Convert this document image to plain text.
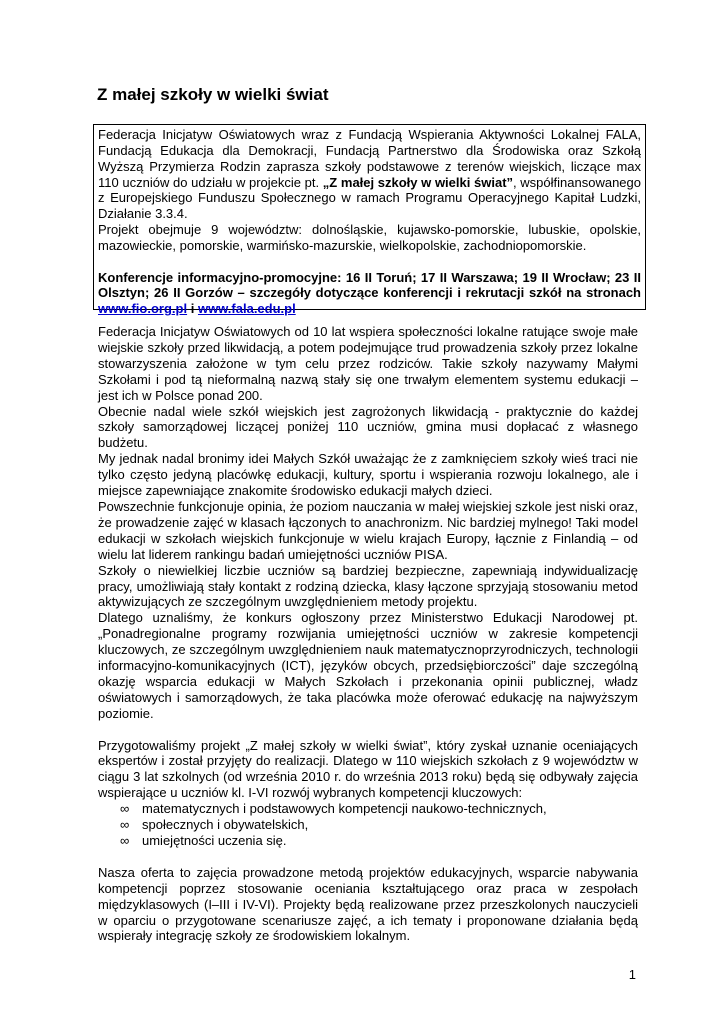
Z małej szkoły w wielki świat

Federacja Inicjatyw Oświatowych wraz z Fundacją Wspierania Aktywności Lokalnej FALA, Fundacją Edukacja dla Demokracji, Fundacją Partnerstwo dla Środowiska oraz Szkołą Wyższą Przymierza Rodzin zaprasza szkoły podstawowe z terenów wiejskich, liczące max 110 uczniów do udziału w projekcie pt. „Z małej szkoły w wielki świat”, współfinansowanego z Europejskiego Funduszu Społecznego w ramach Programu Operacyjnego Kapitał Ludzki, Działanie 3.3.4.

Projekt obejmuje 9 województw: dolnośląskie, kujawsko-pomorskie, lubuskie, opolskie, mazowieckie, pomorskie, warmińsko-mazurskie, wielkopolskie, zachodniopomorskie.

Konferencje informacyjno-promocyjne: 16 II Toruń; 17 II Warszawa; 19 II Wrocław; 23 II Olsztyn; 26 II Gorzów – szczegóły dotyczące konferencji i rekrutacji szkół na stronach www.fio.org.pl i www.fala.edu.pl

Federacja Inicjatyw Oświatowych od 10 lat wspiera społeczności lokalne ratujące swoje małe wiejskie szkoły przed likwidacją, a potem podejmujące trud prowadzenia szkoły przez lokalne stowarzyszenia założone w tym celu przez rodziców. Takie szkoły nazywamy Małymi Szkołami i pod tą nieformalną nazwą stały się one trwałym elementem systemu edukacji – jest ich w Polsce ponad 200.

Obecnie nadal wiele szkół wiejskich jest zagrożonych likwidacją - praktycznie do każdej szkoły samorządowej liczącej poniżej 110 uczniów, gmina musi dopłacać z własnego budżetu.

My jednak nadal bronimy idei Małych Szkół uważając że z zamknięciem szkoły wieś traci nie tylko często jedyną placówkę edukacji, kultury, sportu i wspierania rozwoju lokalnego, ale i miejsce zapewniające znakomite środowisko edukacji małych dzieci.

Powszechnie funkcjonuje opinia, że poziom nauczania w małej wiejskiej szkole jest niski oraz, że prowadzenie zajęć w klasach łączonych to anachronizm. Nic bardziej mylnego! Taki model edukacji w szkołach wiejskich funkcjonuje w wielu krajach Europy, łącznie z Finlandią – od wielu lat liderem rankingu badań umiejętności uczniów PISA.

Szkoły o niewielkiej liczbie uczniów są bardziej bezpieczne, zapewniają indywidualizację pracy, umożliwiają stały kontakt z rodziną dziecka, klasy łączone sprzyjają stosowaniu metod aktywizujących ze szczególnym uwzględnieniem metody projektu.

Dlatego uznaliśmy, że konkurs ogłoszony przez Ministerstwo Edukacji Narodowej pt. „Ponadregionalne programy rozwijania umiejętności uczniów w zakresie kompetencji kluczowych, ze szczególnym uwzględnieniem nauk matematycznoprzyrodniczych, technologii informacyjno-komunikacyjnych (ICT), języków obcych, przedsiębiorczości” daje szczególną okazję wsparcia edukacji w Małych Szkołach i przekonania opinii publicznej, władz oświatowych i samorządowych, że taka placówka może oferować edukację na najwyższym poziomie.

Przygotowaliśmy projekt „Z małej szkoły w wielki świat”, który zyskał uznanie oceniających ekspertów i został przyjęty do realizacji. Dlatego w 110 wiejskich szkołach z 9 województw w ciągu 3 lat szkolnych (od września 2010 r. do września 2013 roku) będą się odbywały zajęcia wspierające u uczniów kl. I-VI rozwój wybranych kompetencji kluczowych:

∞ matematycznych i podstawowych kompetencji naukowo-technicznych,
∞ społecznych i obywatelskich,
∞ umiejętności uczenia się.

Nasza oferta to zajęcia prowadzone metodą projektów edukacyjnych, wsparcie nabywania kompetencji poprzez stosowanie oceniania kształtującego oraz praca w zespołach międzyklasowych (I–III i IV-VI). Projekty będą realizowane przez przeszkolonych nauczycieli w oparciu o przygotowane scenariusze zajęć, a ich tematy i proponowane działania będą wspierały integrację szkoły ze środowiskiem lokalnym.

1
